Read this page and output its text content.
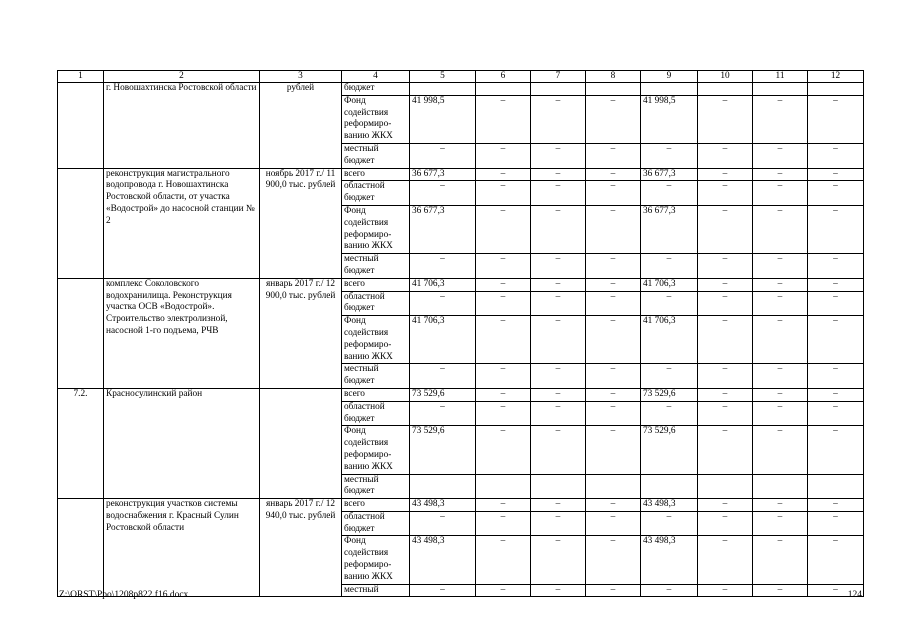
1	2	3	4	5	6	7	8	9	10	11	12
	г. Новошахтинска Ростовской области	рублей	бюджет								
			Фонд содействия реформиро-ванию ЖКХ	41 998,5	–	–	–	41 998,5	–	–	–
			местный бюджет	–	–	–	–	–	–	–	–
	реконструкция магистрального водопровода г. Новошахтинска Ростовской области, от участка «Водострой» до насосной станции № 2	ноябрь 2017 г./ 11 900,0 тыс. рублей	всего	36 677,3	–	–	–	36 677,3	–	–	–
			областной бюджет	–	–	–	–	–	–	–	–
			Фонд содействия реформиро-ванию ЖКХ	36 677,3	–	–	–	36 677,3	–	–	–
			местный бюджет	–	–	–	–	–	–	–	–
	комплекс Соколовского водохранилища. Реконструкция участка ОСВ «Водострой». Строительство электролизной, насосной 1-го подъема, РЧВ	январь 2017 г./ 12 900,0 тыс. рублей	всего	41 706,3	–	–	–	41 706,3	–	–	–
			областной бюджет	–	–	–	–	–	–	–	–
			Фонд содействия реформиро-ванию ЖКХ	41 706,3	–	–	–	41 706,3	–	–	–
			местный бюджет	–	–	–	–	–	–	–	–
7.2.	Красносулинский район		всего	73 529,6	–	–	–	73 529,6	–	–	–
			областной бюджет	–	–	–	–	–	–	–	–
			Фонд содействия реформиро-ванию ЖКХ	73 529,6	–	–	–	73 529,6	–	–	–
			местный бюджет								
	реконструкция участков системы водоснабжения г. Красный Сулин Ростовской области	январь 2017 г./ 12 940,0 тыс. рублей	всего	43 498,3	–	–	–	43 498,3	–	–	–
			областной бюджет	–	–	–	–	–	–	–	–
			Фонд содействия реформиро-ванию ЖКХ	43 498,3	–	–	–	43 498,3	–	–	–
			местный	–	–	–	–	–	–	–	–
Z:\ORST\Ppo\1208p822.f16.docx	124
